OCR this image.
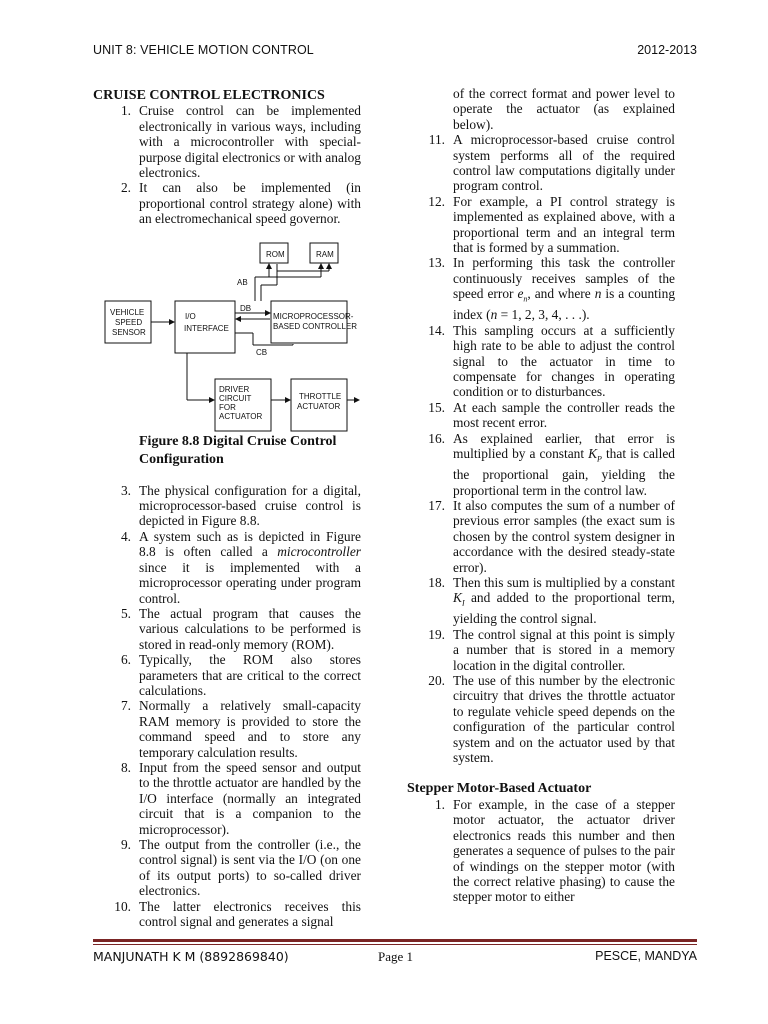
UNIT 8: VEHICLE MOTION CONTROL	2012-2013
CRUISE CONTROL ELECTRONICS
1. Cruise control can be implemented electronically in various ways, including with a microcontroller with special-purpose digital electronics or with analog electronics.
2. It can also be implemented (in proportional control strategy alone) with an electromechanical speed governor.
ROM	RAM
AB
VEHICLE
SPEED
SENSOR
I/O
INTERFACE
MICROPROCESSOR-
BASED CONTROLLER
DB
CB
DRIVER
CIRCUIT
FOR
ACTUATOR
THROTTLE
ACTUATOR
Figure 8.8 Digital Cruise Control Configuration
3. The physical configuration for a digital, microprocessor-based cruise control is depicted in Figure 8.8.
4. A system such as is depicted in Figure 8.8 is often called a microcontroller since it is implemented with a microprocessor operating under program control.
5. The actual program that causes the various calculations to be performed is stored in read-only memory (ROM).
6. Typically, the ROM also stores parameters that are critical to the correct calculations.
7. Normally a relatively small-capacity RAM memory is provided to store the command speed and to store any temporary calculation results.
8. Input from the speed sensor and output to the throttle actuator are handled by the I/O interface (normally an integrated circuit that is a companion to the microprocessor).
9. The output from the controller (i.e., the control signal) is sent via the I/O (on one of its output ports) to so-called driver electronics.
10. The latter electronics receives this control signal and generates a signal
of the correct format and power level to operate the actuator (as explained below).
11. A microprocessor-based cruise control system performs all of the required control law computations digitally under program control.
12. For example, a PI control strategy is implemented as explained above, with a proportional term and an integral term that is formed by a summation.
13. In performing this task the controller continuously receives samples of the speed error $e_n$, and where n is a counting index (n = 1, 2, 3, 4, . . .).
14. This sampling occurs at a sufficiently high rate to be able to adjust the control signal to the actuator in time to compensate for changes in operating condition or to disturbances.
15. At each sample the controller reads the most recent error.
16. As explained earlier, that error is multiplied by a constant $K_P$ that is called the proportional gain, yielding the proportional term in the control law.
17. It also computes the sum of a number of previous error samples (the exact sum is chosen by the control system designer in accordance with the desired steady-state error).
18. Then this sum is multiplied by a constant $K_I$ and added to the proportional term, yielding the control signal.
19. The control signal at this point is simply a number that is stored in a memory location in the digital controller.
20. The use of this number by the electronic circuitry that drives the throttle actuator to regulate vehicle speed depends on the configuration of the particular control system and on the actuator used by that system.
Stepper Motor-Based Actuator
1. For example, in the case of a stepper motor actuator, the actuator driver electronics reads this number and then generates a sequence of pulses to the pair of windings on the stepper motor (with the correct relative phasing) to cause the stepper motor to either
MANJUNATH K M (8892869840)	Page 1	PESCE, MANDYA
